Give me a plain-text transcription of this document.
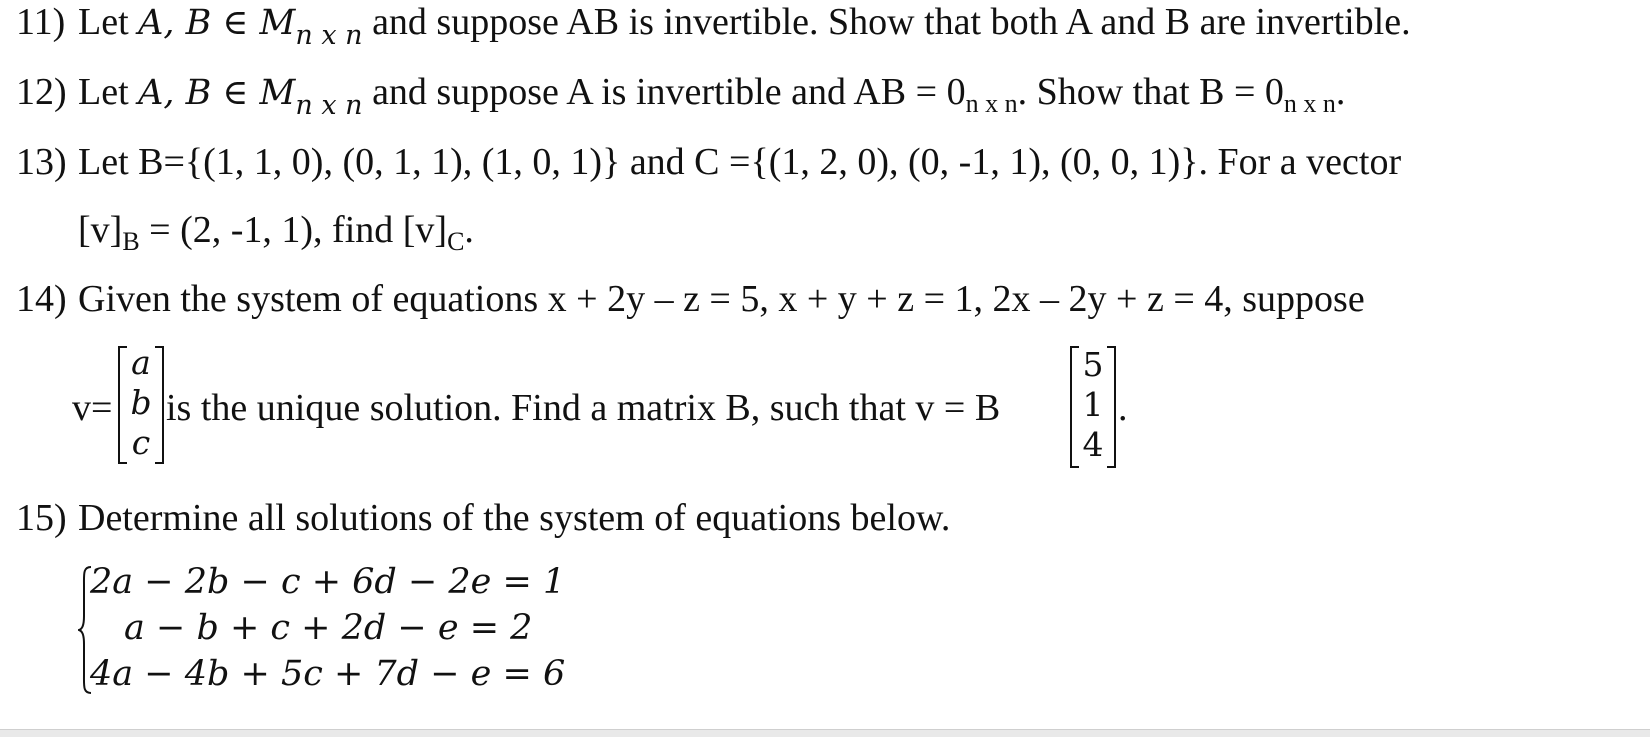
11) Let A, B ∈ $M_{n x n}$ and suppose AB is invertible. Show that both A and B are invertible.
12) Let A, B ∈ $M_{n x n}$ and suppose A is invertible and AB = $0_{n x n}$. Show that $B = 0_{n x n}$.
13) Let B={(1, 1, 0), (0, 1, 1), (1, 0, 1)} and C ={(1, 2, 0), (0, -1, 1), (0, 0, 1)}. For a vector
$[v]_B = (2$, -1, 1), find $[v]_C$.
14) Given the system of equations x + 2y – z = 5, x + y + z = 1, 2x – 2y + z = 4, suppose
v=
a
b
c
is the unique solution. Find a matrix B, such that v = B
5
1
4
.
15) Determine all solutions of the system of equations below.
2a − 2b − c + 6d − 2e = 1
a − b + c + 2d − e = 2
4a − 4b + 5c + 7d − e = 6
